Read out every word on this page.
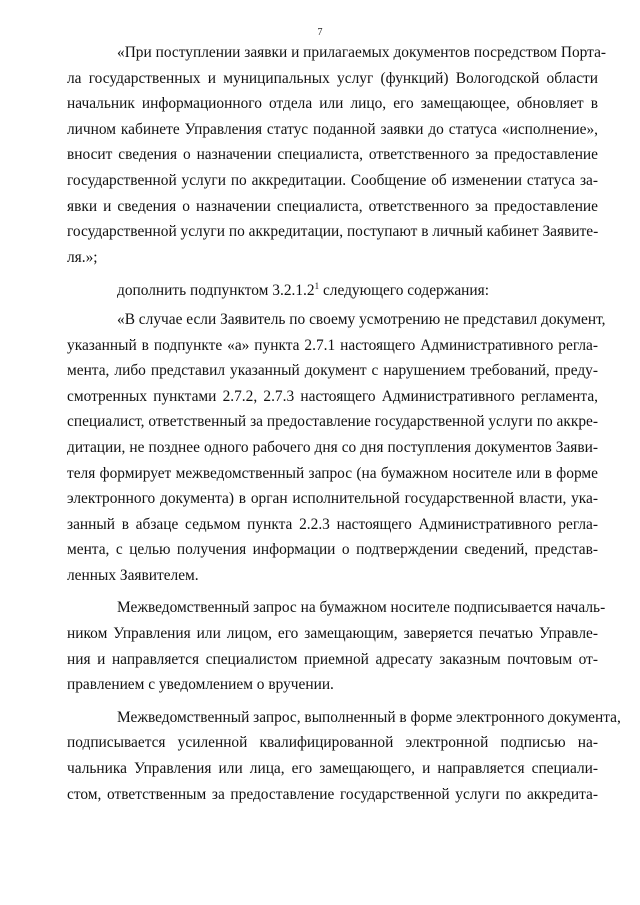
7
«При поступлении заявки и прилагаемых документов посредством Порта-
ла государственных и муниципальных услуг (функций) Вологодской области
начальник информационного отдела или лицо, его замещающее, обновляет в
личном кабинете Управления статус поданной заявки до статуса «исполнение»,
вносит сведения о назначении специалиста, ответственного за предоставление
государственной услуги по аккредитации. Сообщение об изменении статуса за-
явки и сведения о назначении специалиста, ответственного за предоставление
государственной услуги по аккредитации, поступают в личный кабинет Заявите-
ля.»;
дополнить подпунктом 3.2.1.2$^1$ следующего содержания:
«В случае если Заявитель по своему усмотрению не представил документ,
указанный в подпункте «а» пункта 2.7.1 настоящего Административного регла-
мента, либо представил указанный документ с нарушением требований, преду-
смотренных пунктами 2.7.2, 2.7.3 настоящего Административного регламента,
специалист, ответственный за предоставление государственной услуги по аккре-
дитации, не позднее одного рабочего дня со дня поступления документов Заяви-
теля формирует межведомственный запрос (на бумажном носителе или в форме
электронного документа) в орган исполнительной государственной власти, ука-
занный в абзаце седьмом пункта 2.2.3 настоящего Административного регла-
мента, с целью получения информации о подтверждении сведений, представ-
ленных Заявителем.
Межведомственный запрос на бумажном носителе подписывается началь-
ником Управления или лицом, его замещающим, заверяется печатью Управле-
ния и направляется специалистом приемной адресату заказным почтовым от-
правлением с уведомлением о вручении.
Межведомственный запрос, выполненный в форме электронного документа,
подписывается усиленной квалифицированной электронной подписью на-
чальника Управления или лица, его замещающего, и направляется специали-
стом, ответственным за предоставление государственной услуги по аккредита-
